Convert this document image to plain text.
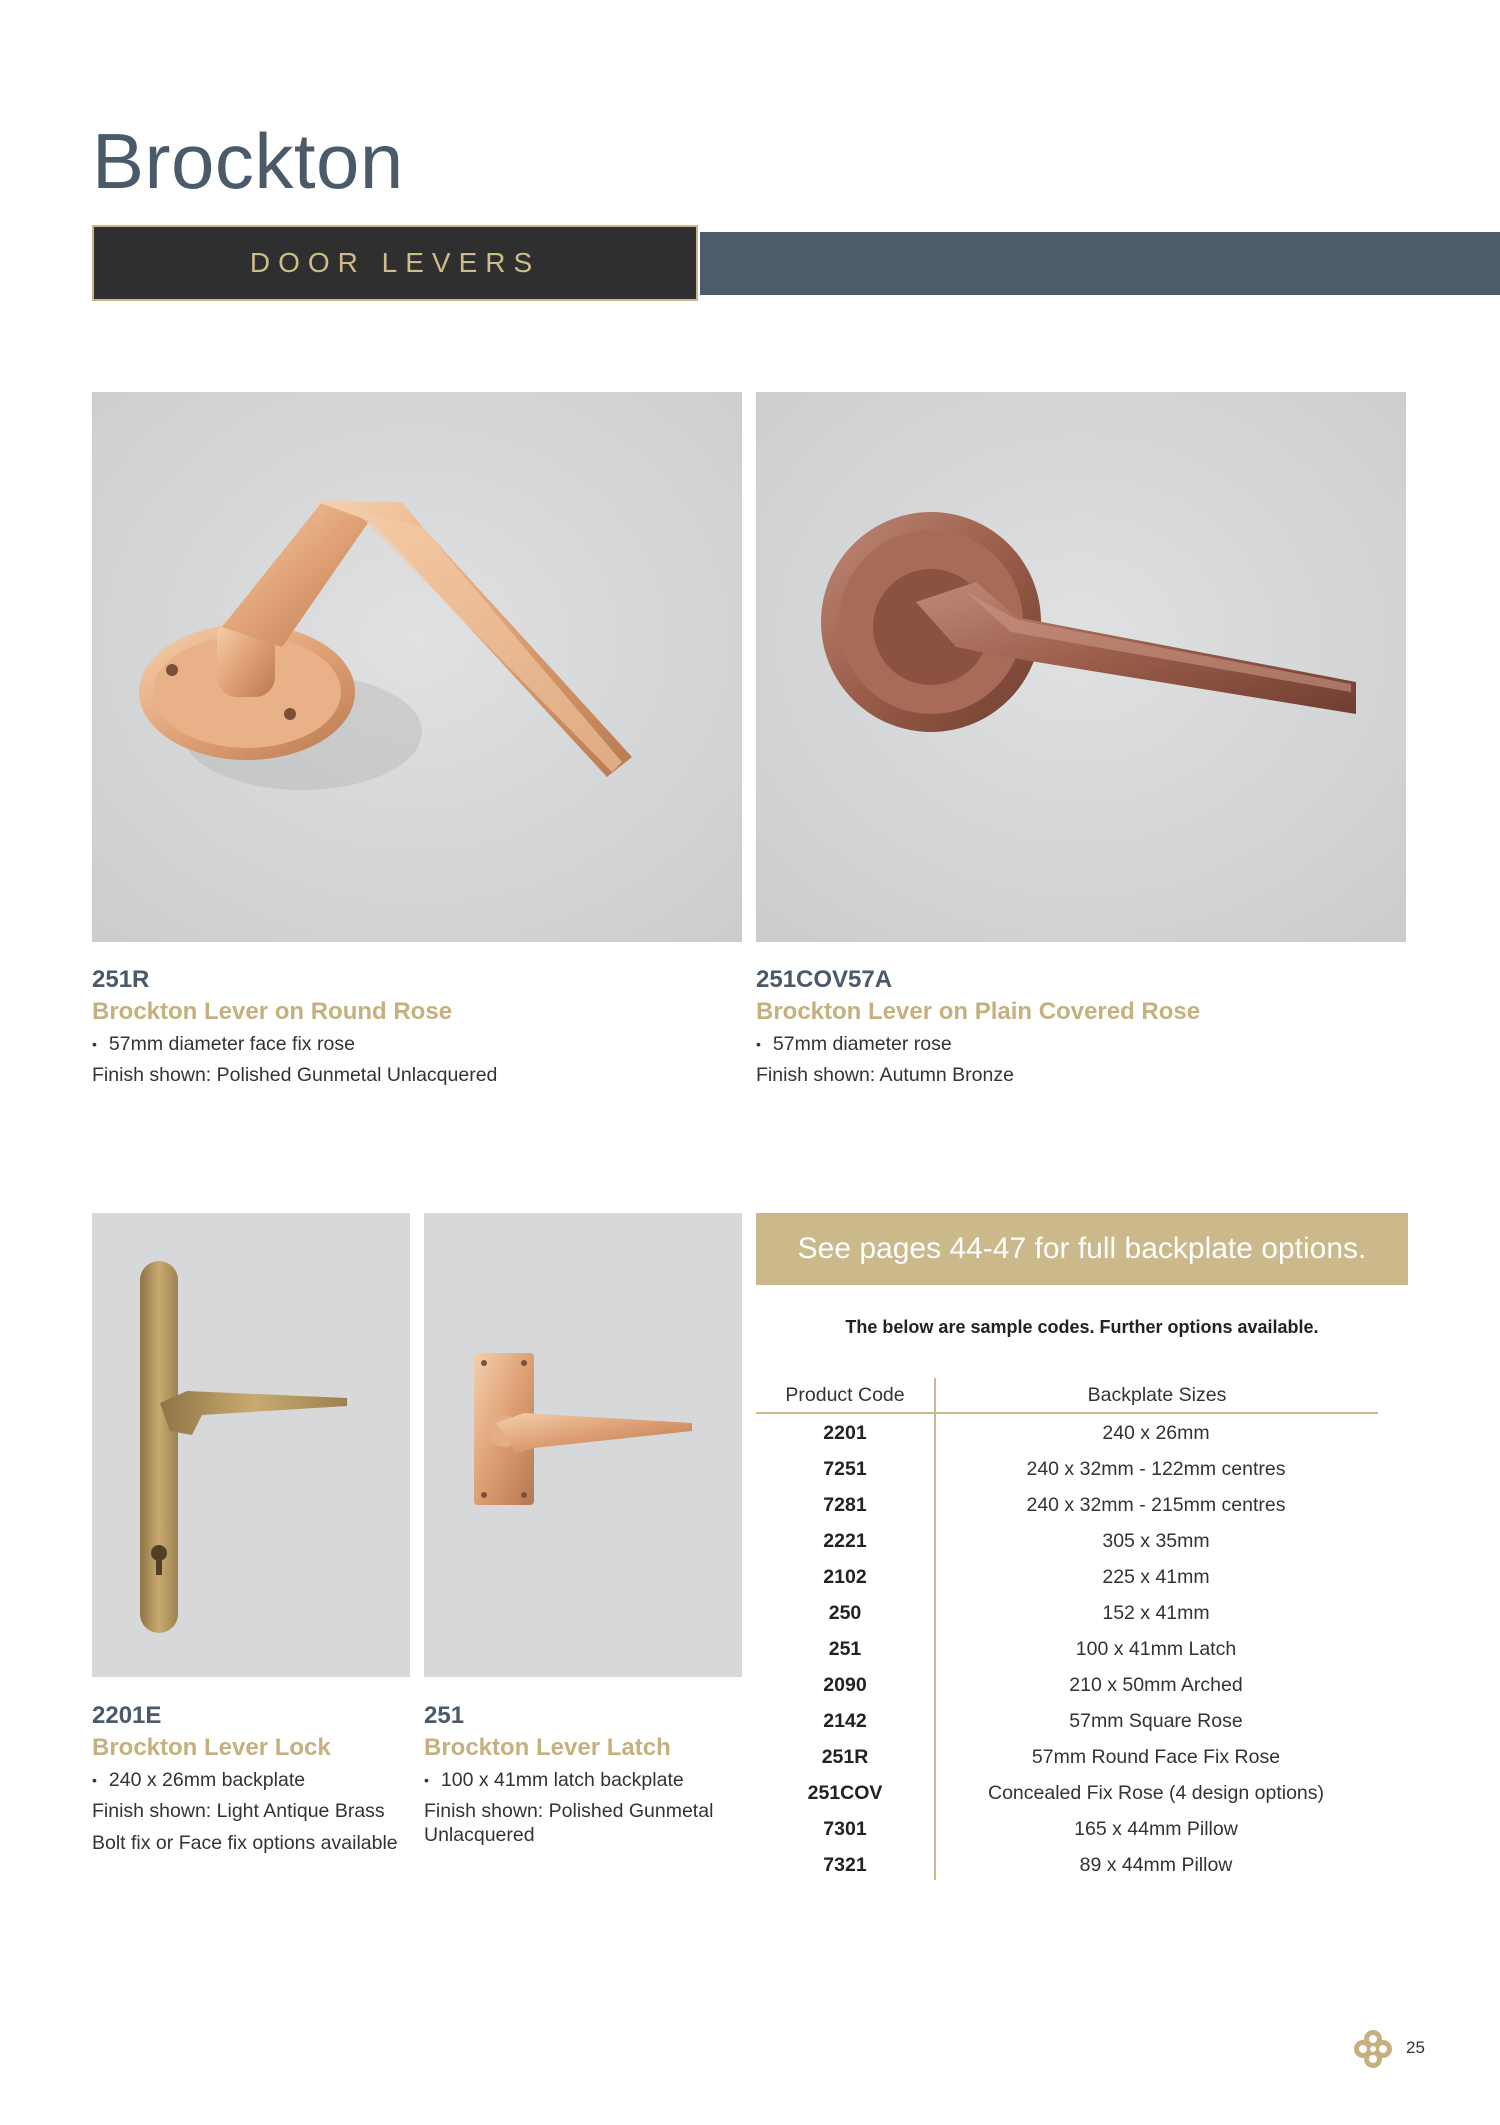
Brockton
DOOR LEVERS
251R
Brockton Lever on Round Rose
• 57mm diameter face fix rose
Finish shown: Polished Gunmetal Unlacquered
251COV57A
Brockton Lever on Plain Covered Rose
• 57mm diameter rose
Finish shown: Autumn Bronze
2201E
Brockton Lever Lock
• 240 x 26mm backplate
Finish shown: Light Antique Brass
Bolt fix or Face fix options available
251
Brockton Lever Latch
• 100 x 41mm latch backplate
Finish shown: Polished Gunmetal Unlacquered
See pages 44-47 for full backplate options.
The below are sample codes. Further options available.
Product Code	Backplate Sizes
2201	240 x 26mm
7251	240 x 32mm - 122mm centres
7281	240 x 32mm - 215mm centres
2221	305 x 35mm
2102	225 x 41mm
250	152 x 41mm
251	100 x 41mm Latch
2090	210 x 50mm Arched
2142	57mm Square Rose
251R	57mm Round Face Fix Rose
251COV	Concealed Fix Rose (4 design options)
7301	165 x 44mm Pillow
7321	89 x 44mm Pillow
25
